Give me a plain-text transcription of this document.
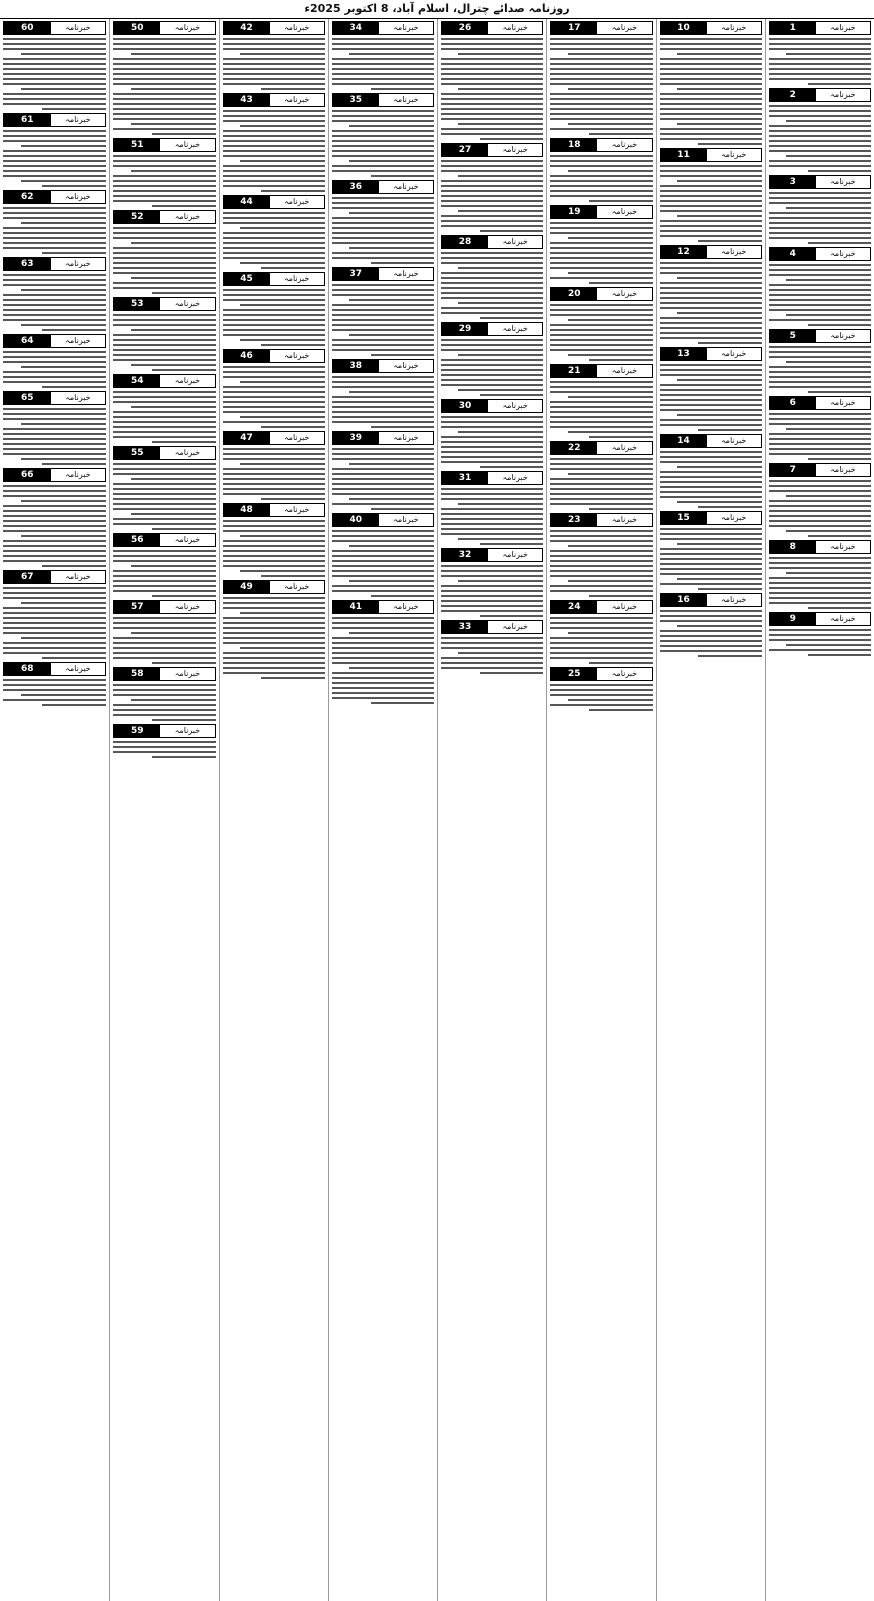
روزنامہ صدائے چترال، اسلام آباد، 8 اکتوبر 2025ء
1	خبرنامہ
2	خبرنامہ
3	خبرنامہ
4	خبرنامہ
5	خبرنامہ
6	خبرنامہ
7	خبرنامہ
8	خبرنامہ
9	خبرنامہ
10	خبرنامہ
11	خبرنامہ
12	خبرنامہ
13	خبرنامہ
14	خبرنامہ
15	خبرنامہ
16	خبرنامہ
17	خبرنامہ
18	خبرنامہ
19	خبرنامہ
20	خبرنامہ
21	خبرنامہ
22	خبرنامہ
23	خبرنامہ
24	خبرنامہ
25	خبرنامہ
26	خبرنامہ
27	خبرنامہ
28	خبرنامہ
29	خبرنامہ
30	خبرنامہ
31	خبرنامہ
32	خبرنامہ
33	خبرنامہ
34	خبرنامہ
35	خبرنامہ
36	خبرنامہ
37	خبرنامہ
38	خبرنامہ
39	خبرنامہ
40	خبرنامہ
41	خبرنامہ
42	خبرنامہ
43	خبرنامہ
44	خبرنامہ
45	خبرنامہ
46	خبرنامہ
47	خبرنامہ
48	خبرنامہ
49	خبرنامہ
50	خبرنامہ
51	خبرنامہ
52	خبرنامہ
53	خبرنامہ
54	خبرنامہ
55	خبرنامہ
56	خبرنامہ
57	خبرنامہ
58	خبرنامہ
59	خبرنامہ
60	خبرنامہ
61	خبرنامہ
62	خبرنامہ
63	خبرنامہ
64	خبرنامہ
65	خبرنامہ
66	خبرنامہ
67	خبرنامہ
68	خبرنامہ
